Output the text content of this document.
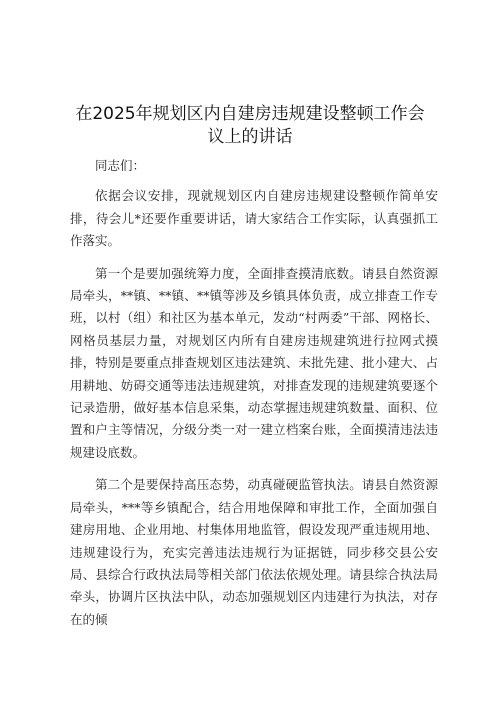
在2025年规划区内自建房违规建设整顿工作会
议上的讲话

同志们：

依据会议安排，现就规划区内自建房违规建设整顿作简单安排，待会儿*还要作重要讲话，请大家结合工作实际，认真强抓工作落实。

第一个是要加强统筹力度，全面排查摸清底数。请县自然资源局牵头，**镇、**镇、**镇等涉及乡镇具体负责，成立排查工作专班，以村（组）和社区为基本单元，发动“村两委”干部、网格长、网格员基层力量，对规划区内所有自建房违规建筑进行拉网式摸排，特别是要重点排查规划区违法建筑、未批先建、批小建大、占用耕地、妨碍交通等违法违规建筑，对排查发现的违规建筑要逐个记录造册，做好基本信息采集，动态掌握违规建筑数量、面积、位置和户主等情况，分级分类一对一建立档案台账，全面摸清违法违规建设底数。

第二个是要保持高压态势，动真碰硬监管执法。请县自然资源局牵头，***等乡镇配合，结合用地保障和审批工作，全面加强自建房用地、企业用地、村集体用地监管，假设发现严重违规用地、违规建设行为，充实完善违法违规行为证据链，同步移交县公安局、县综合行政执法局等相关部门依法依规处理。请县综合执法局牵头，协调片区执法中队，动态加强规划区内违建行为执法，对存在的倾
